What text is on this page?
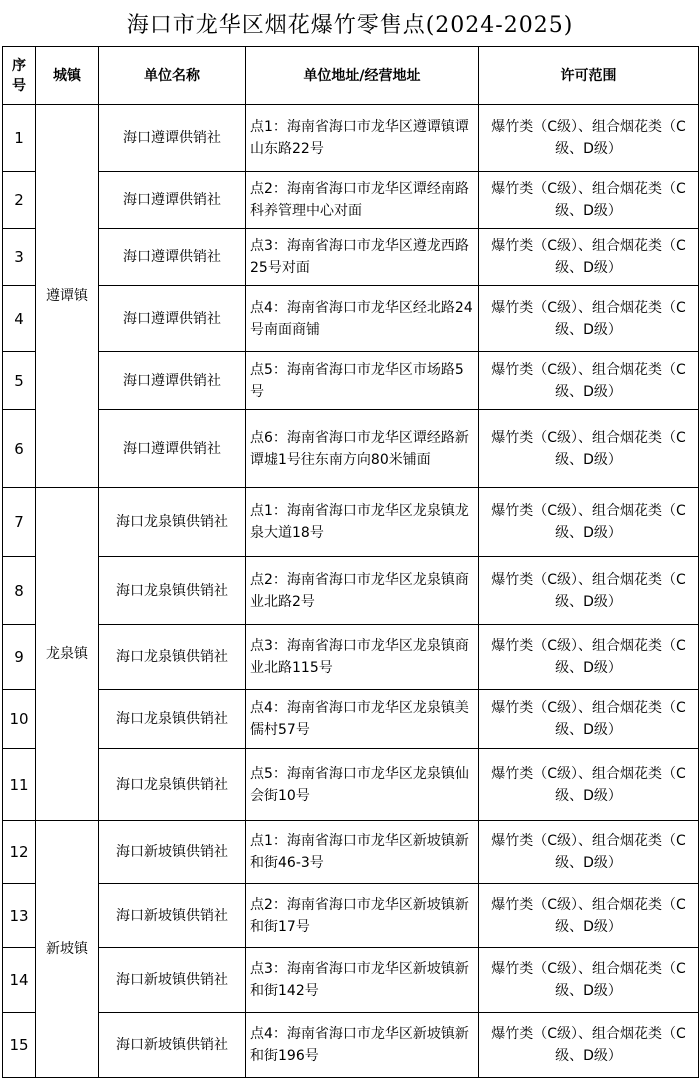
海口市龙华区烟花爆竹零售点(2024-2025)
序
号	城镇	单位名称	单位地址/经营地址	许可范围
1	遵谭镇	海口遵谭供销社	点1：海南省海口市龙华区遵谭镇谭山东路22号	爆竹类（C级）、组合烟花类（C级、D级）
2		海口遵谭供销社	点2：海南省海口市龙华区谭经南路科养管理中心对面	爆竹类（C级）、组合烟花类（C级、D级）
3		海口遵谭供销社	点3：海南省海口市龙华区遵龙西路25号对面	爆竹类（C级）、组合烟花类（C级、D级）
4		海口遵谭供销社	点4：海南省海口市龙华区经北路24号南面商铺	爆竹类（C级）、组合烟花类（C级、D级）
5		海口遵谭供销社	点5：海南省海口市龙华区市场路5号	爆竹类（C级）、组合烟花类（C级、D级）
6		海口遵谭供销社	点6：海南省海口市龙华区谭经路新谭墟1号往东南方向80米铺面	爆竹类（C级）、组合烟花类（C级、D级）
7	龙泉镇	海口龙泉镇供销社	点1：海南省海口市龙华区龙泉镇龙泉大道18号	爆竹类（C级）、组合烟花类（C级、D级）
8		海口龙泉镇供销社	点2：海南省海口市龙华区龙泉镇商业北路2号	爆竹类（C级）、组合烟花类（C级、D级）
9		海口龙泉镇供销社	点3：海南省海口市龙华区龙泉镇商业北路115号	爆竹类（C级）、组合烟花类（C级、D级）
10		海口龙泉镇供销社	点4：海南省海口市龙华区龙泉镇美儒村57号	爆竹类（C级）、组合烟花类（C级、D级）
11		海口龙泉镇供销社	点5：海南省海口市龙华区龙泉镇仙会街10号	爆竹类（C级）、组合烟花类（C级、D级）
12	新坡镇	海口新坡镇供销社	点1：海南省海口市龙华区新坡镇新和街46-3号	爆竹类（C级）、组合烟花类（C级、D级）
13		海口新坡镇供销社	点2：海南省海口市龙华区新坡镇新和街17号	爆竹类（C级）、组合烟花类（C级、D级）
14		海口新坡镇供销社	点3：海南省海口市龙华区新坡镇新和街142号	爆竹类（C级）、组合烟花类（C级、D级）
15		海口新坡镇供销社	点4：海南省海口市龙华区新坡镇新和街196号	爆竹类（C级）、组合烟花类（C级、D级）
